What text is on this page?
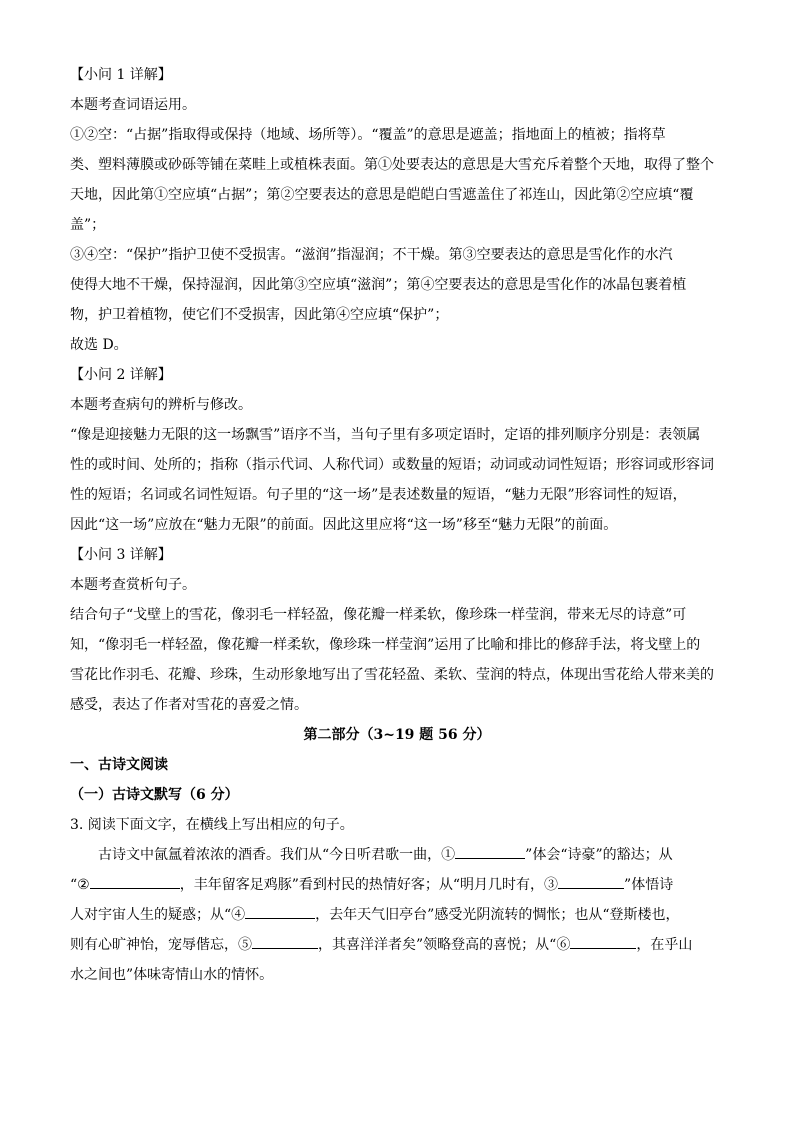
【小问 1 详解】
本题考查词语运用。
①②空：“占据”指取得或保持（地域、场所等）。“覆盖”的意思是遮盖；指地面上的植被；指将草
类、塑料薄膜或砂砾等铺在菜畦上或植株表面。第①处要表达的意思是大雪充斥着整个天地，取得了整个
天地，因此第①空应填“占据”；第②空要表达的意思是皑皑白雪遮盖住了祁连山，因此第②空应填“覆
盖”；
③④空：“保护”指护卫使不受损害。“滋润”指湿润；不干燥。第③空要表达的意思是雪化作的水汽
使得大地不干燥，保持湿润，因此第③空应填“滋润”；第④空要表达的意思是雪化作的冰晶包裹着植
物，护卫着植物，使它们不受损害，因此第④空应填“保护”；
故选 D。
【小问 2 详解】
本题考查病句的辨析与修改。
“像是迎接魅力无限的这一场飘雪”语序不当，当句子里有多项定语时，定语的排列顺序分别是：表领属
性的或时间、处所的；指称（指示代词、人称代词）或数量的短语；动词或动词性短语；形容词或形容词
性的短语；名词或名词性短语。句子里的“这一场”是表述数量的短语，“魅力无限”形容词性的短语，
因此“这一场”应放在“魅力无限”的前面。因此这里应将“这一场”移至“魅力无限”的前面。
【小问 3 详解】
本题考查赏析句子。
结合句子“戈壁上的雪花，像羽毛一样轻盈，像花瓣一样柔软，像珍珠一样莹润，带来无尽的诗意”可
知，“像羽毛一样轻盈，像花瓣一样柔软，像珍珠一样莹润”运用了比喻和排比的修辞手法，将戈壁上的
雪花比作羽毛、花瓣、珍珠，生动形象地写出了雪花轻盈、柔软、莹润的特点，体现出雪花给人带来美的
感受，表达了作者对雪花的喜爱之情。
第二部分（3~19 题 56 分）
一、古诗文阅读
（一）古诗文默写（6 分）
3. 阅读下面文字，在横线上写出相应的句子。
古诗文中氤氲着浓浓的酒香。我们从“今日听君歌一曲，①	”体会“诗豪”的豁达；从
“②	，丰年留客足鸡豚”看到村民的热情好客；从“明月几时有，③	”体悟诗
人对宇宙人生的疑惑；从“④	，去年天气旧亭台”感受光阴流转的惆怅；也从“登斯楼也，
则有心旷神怡，宠辱偕忘，⑤	，其喜洋洋者矣”领略登高的喜悦；从“⑥	，在乎山
水之间也”体味寄情山水的情怀。
